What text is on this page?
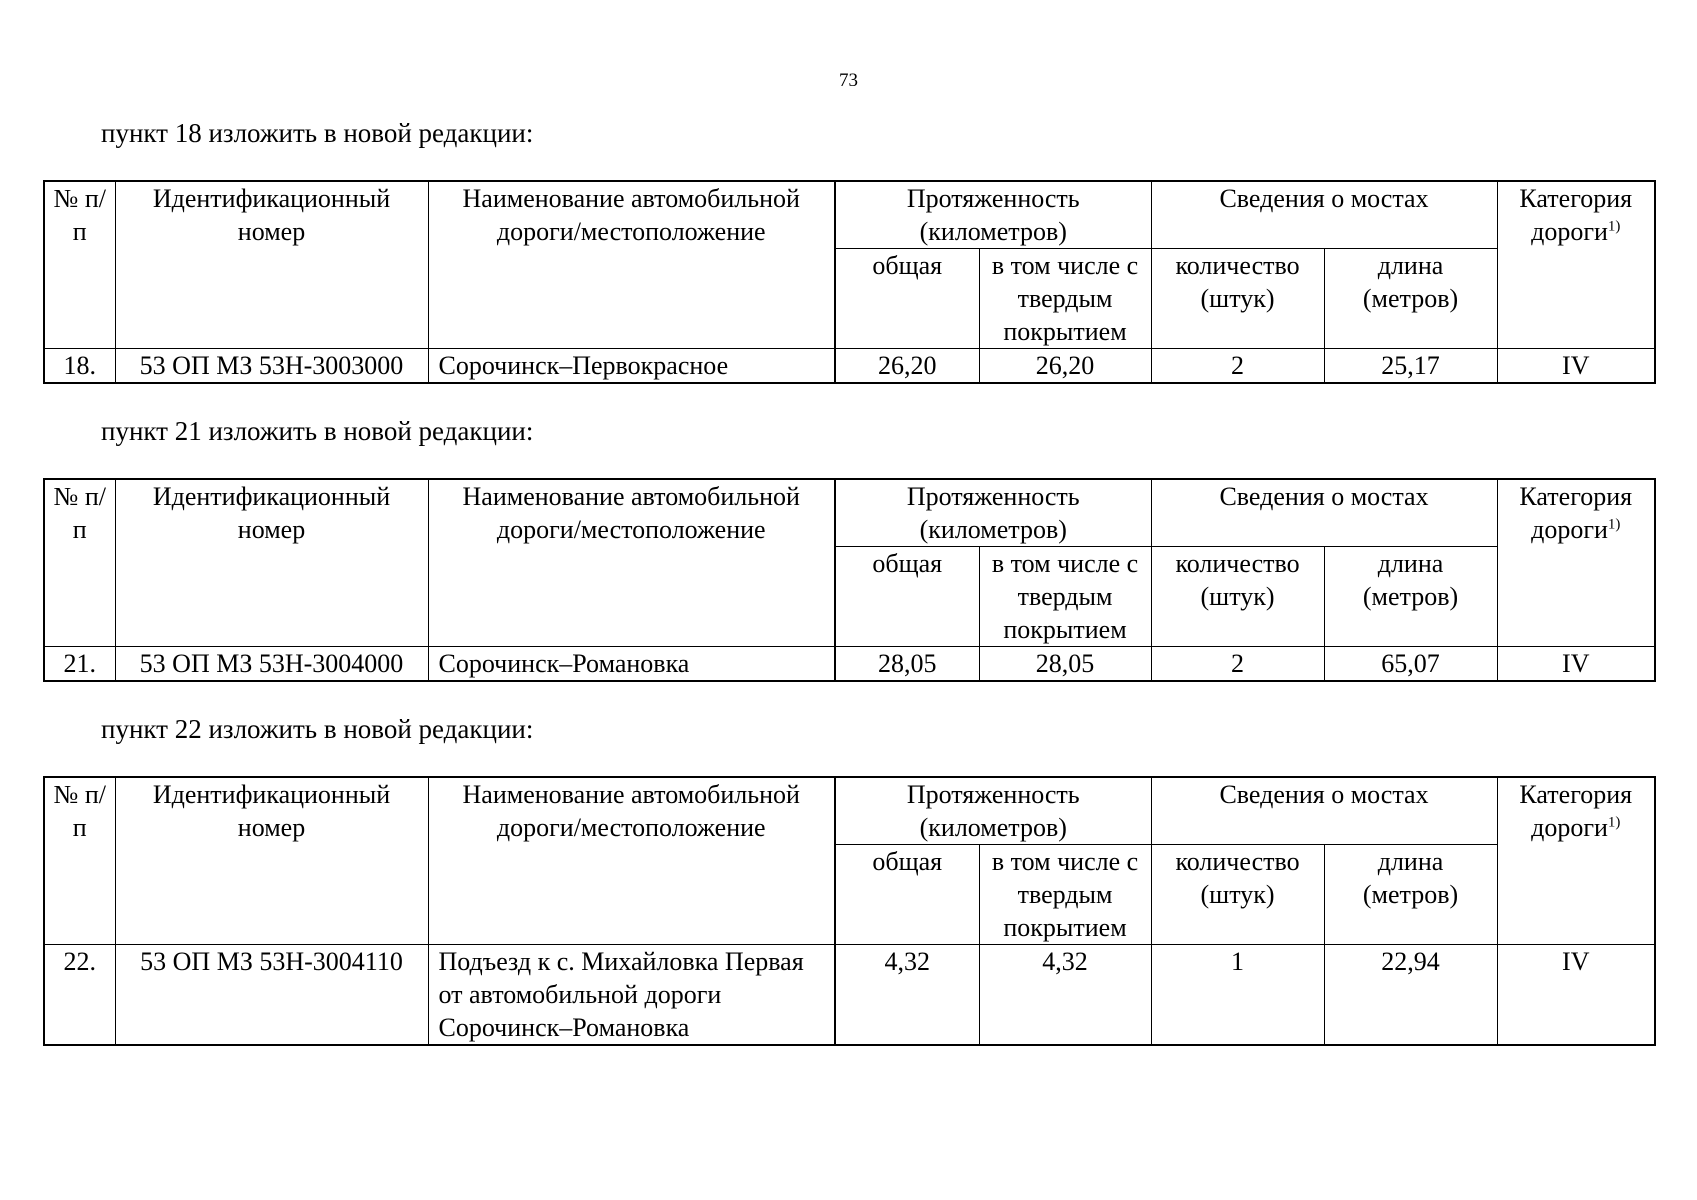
73
пункт 18 изложить в новой редакции:
№ п/п	Идентификационный номер	Наименование автомобильной дороги/местоположение	Протяженность (километров)		Сведения о мостах		Категория дороги$^{1)}$
			общая	в том числе с твердым покрытием	количество (штук)	длина (метров)	
18.	53 ОП МЗ 53Н-3003000	Сорочинск–Первокрасное	26,20	26,20	2	25,17	IV
пункт 21 изложить в новой редакции:
№ п/п	Идентификационный номер	Наименование автомобильной дороги/местоположение	Протяженность (километров)		Сведения о мостах		Категория дороги$^{1)}$
			общая	в том числе с твердым покрытием	количество (штук)	длина (метров)	
21.	53 ОП МЗ 53Н-3004000	Сорочинск–Романовка	28,05	28,05	2	65,07	IV
пункт 22 изложить в новой редакции:
№ п/п	Идентификационный номер	Наименование автомобильной дороги/местоположение	Протяженность (километров)		Сведения о мостах		Категория дороги$^{1)}$
			общая	в том числе с твердым покрытием	количество (штук)	длина (метров)	
22.	53 ОП МЗ 53Н-3004110	Подъезд к с. Михайловка Первая от автомобильной дороги Сорочинск–Романовка	4,32	4,32	1	22,94	IV
